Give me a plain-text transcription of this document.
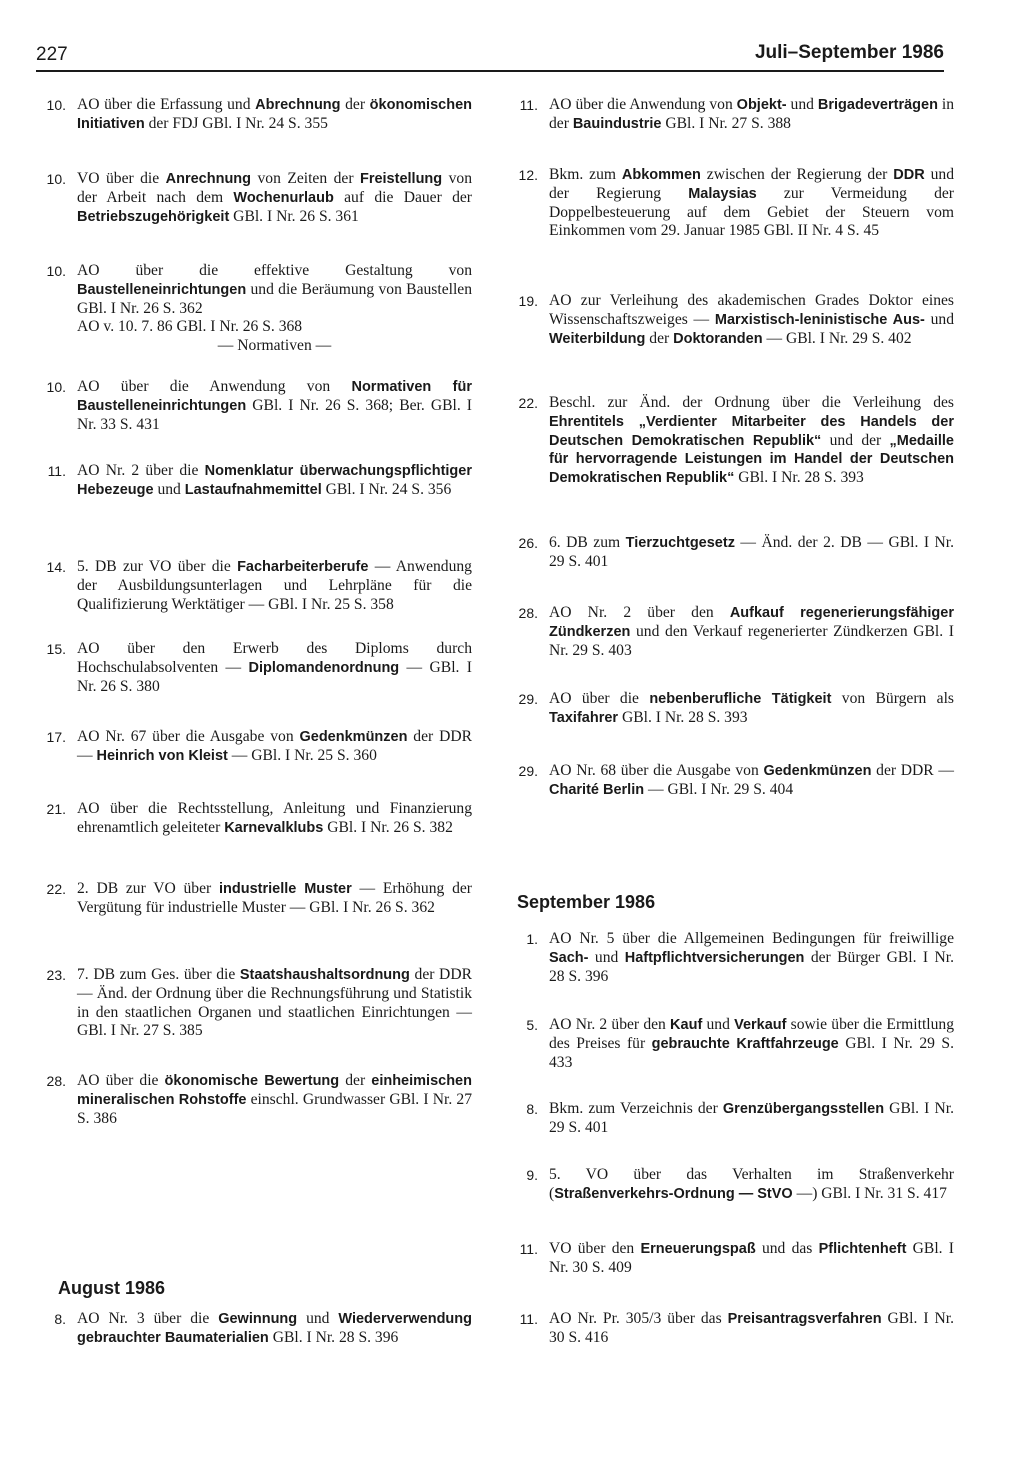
227	Juli–September 1986
10. AO über die Erfassung und Abrechnung der ökonomischen Initiativen der FDJ GBl. I Nr. 24 S. 355
10. VO über die Anrechnung von Zeiten der Freistellung von der Arbeit nach dem Wochenurlaub auf die Dauer der Betriebszugehörigkeit GBl. I Nr. 26 S. 361
10. AO über die effektive Gestaltung von Baustelleneinrichtungen und die Beräumung von Baustellen GBl. I Nr. 26 S. 362
AO v. 10. 7. 86 GBl. I Nr. 26 S. 368
— Normativen —
10. AO über die Anwendung von Normativen für Baustelleneinrichtungen GBl. I Nr. 26 S. 368; Ber. GBl. I Nr. 33 S. 431
11. AO Nr. 2 über die Nomenklatur überwachungspflichtiger Hebezeuge und Lastaufnahmemittel GBl. I Nr. 24 S. 356
14. 5. DB zur VO über die Facharbeiterberufe — Anwendung der Ausbildungsunterlagen und Lehrpläne für die Qualifizierung Werktätiger — GBl. I Nr. 25 S. 358
15. AO über den Erwerb des Diploms durch Hochschulabsolventen — Diplomandenordnung — GBl. I Nr. 26 S. 380
17. AO Nr. 67 über die Ausgabe von Gedenkmünzen der DDR — Heinrich von Kleist — GBl. I Nr. 25 S. 360
21. AO über die Rechtsstellung, Anleitung und Finanzierung ehrenamtlich geleiteter Karnevalklubs GBl. I Nr. 26 S. 382
22. 2. DB zur VO über industrielle Muster — Erhöhung der Vergütung für industrielle Muster — GBl. I Nr. 26 S. 362
23. 7. DB zum Ges. über die Staatshaushaltsordnung der DDR — Änd. der Ordnung über die Rechnungsführung und Statistik in den staatlichen Organen und staatlichen Einrichtungen — GBl. I Nr. 27 S. 385
28. AO über die ökonomische Bewertung der einheimischen mineralischen Rohstoffe einschl. Grundwasser GBl. I Nr. 27 S. 386
August 1986
8. AO Nr. 3 über die Gewinnung und Wiederverwendung gebrauchter Baumaterialien GBl. I Nr. 28 S. 396
11. AO über die Anwendung von Objekt- und Brigadeverträgen in der Bauindustrie GBl. I Nr. 27 S. 388
12. Bkm. zum Abkommen zwischen der Regierung der DDR und der Regierung Malaysias zur Vermeidung der Doppelbesteuerung auf dem Gebiet der Steuern vom Einkommen vom 29. Januar 1985 GBl. II Nr. 4 S. 45
19. AO zur Verleihung des akademischen Grades Doktor eines Wissenschaftszweiges — Marxistisch-leninistische Aus- und Weiterbildung der Doktoranden — GBl. I Nr. 29 S. 402
22. Beschl. zur Änd. der Ordnung über die Verleihung des Ehrentitels „Verdienter Mitarbeiter des Handels der Deutschen Demokratischen Republik“ und der „Medaille für hervorragende Leistungen im Handel der Deutschen Demokratischen Republik“ GBl. I Nr. 28 S. 393
26. 6. DB zum Tierzuchtgesetz — Änd. der 2. DB — GBl. I Nr. 29 S. 401
28. AO Nr. 2 über den Aufkauf regenerierungsfähiger Zündkerzen und den Verkauf regenerierter Zündkerzen GBl. I Nr. 29 S. 403
29. AO über die nebenberufliche Tätigkeit von Bürgern als Taxifahrer GBl. I Nr. 28 S. 393
29. AO Nr. 68 über die Ausgabe von Gedenkmünzen der DDR — Charité Berlin — GBl. I Nr. 29 S. 404
September 1986
1. AO Nr. 5 über die Allgemeinen Bedingungen für freiwillige Sach- und Haftpflichtversicherungen der Bürger GBl. I Nr. 28 S. 396
5. AO Nr. 2 über den Kauf und Verkauf sowie über die Ermittlung des Preises für gebrauchte Kraftfahrzeuge GBl. I Nr. 29 S. 433
8. Bkm. zum Verzeichnis der Grenzübergangsstellen GBl. I Nr. 29 S. 401
9. 5. VO über das Verhalten im Straßenverkehr (Straßenverkehrs-Ordnung — StVO —) GBl. I Nr. 31 S. 417
11. VO über den Erneuerungspaß und das Pflichtenheft GBl. I Nr. 30 S. 409
11. AO Nr. Pr. 305/3 über das Preisantragsverfahren GBl. I Nr. 30 S. 416
